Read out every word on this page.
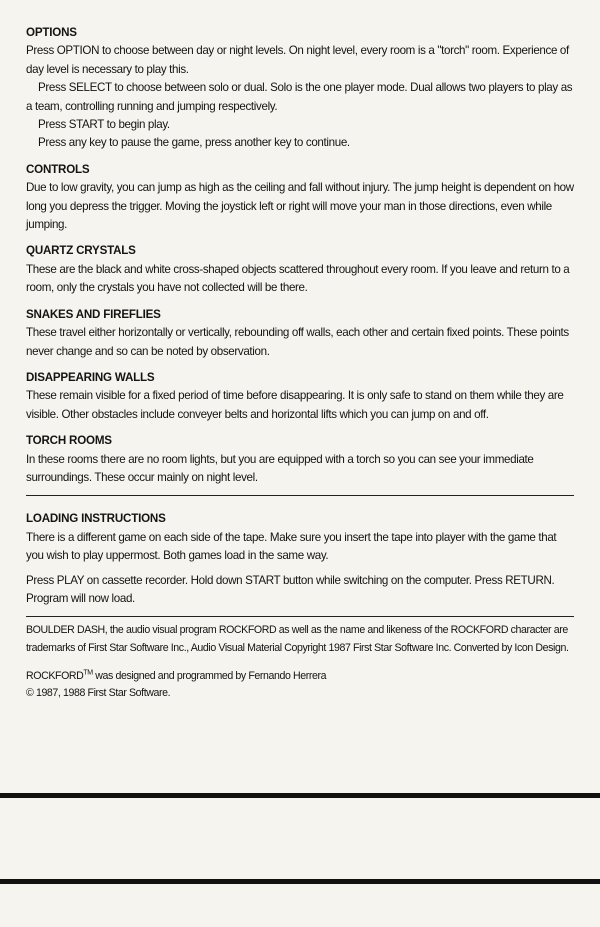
OPTIONS

Press OPTION to choose between day or night levels. On night level, every room is a "torch" room. Experience of day level is necessary to play this.

Press SELECT to choose between solo or dual. Solo is the one player mode. Dual allows two players to play as a team, controlling running and jumping respectively.

Press START to begin play.

Press any key to pause the game, press another key to continue.

CONTROLS

Due to low gravity, you can jump as high as the ceiling and fall without injury. The jump height is dependent on how long you depress the trigger. Moving the joystick left or right will move your man in those directions, even while jumping.

QUARTZ CRYSTALS

These are the black and white cross-shaped objects scattered throughout every room. If you leave and return to a room, only the crystals you have not collected will be there.

SNAKES AND FIREFLIES

These travel either horizontally or vertically, rebounding off walls, each other and certain fixed points. These points never change and so can be noted by observation.

DISAPPEARING WALLS

These remain visible for a fixed period of time before disappearing. It is only safe to stand on them while they are visible. Other obstacles include conveyer belts and horizontal lifts which you can jump on and off.

TORCH ROOMS

In these rooms there are no room lights, but you are equipped with a torch so you can see your immediate surroundings. These occur mainly on night level.

LOADING INSTRUCTIONS

There is a different game on each side of the tape. Make sure you insert the tape into player with the game that you wish to play uppermost. Both games load in the same way.

Press PLAY on cassette recorder. Hold down START button while switching on the computer. Press RETURN. Program will now load.

BOULDER DASH, the audio visual program ROCKFORD as well as the name and likeness of the ROCKFORD character are trademarks of First Star Software Inc., Audio Visual Material Copyright 1987 First Star Software Inc. Converted by Icon Design.

ROCKFORD™ was designed and programmed by Fernando Herrera

© 1987, 1988 First Star Software.
